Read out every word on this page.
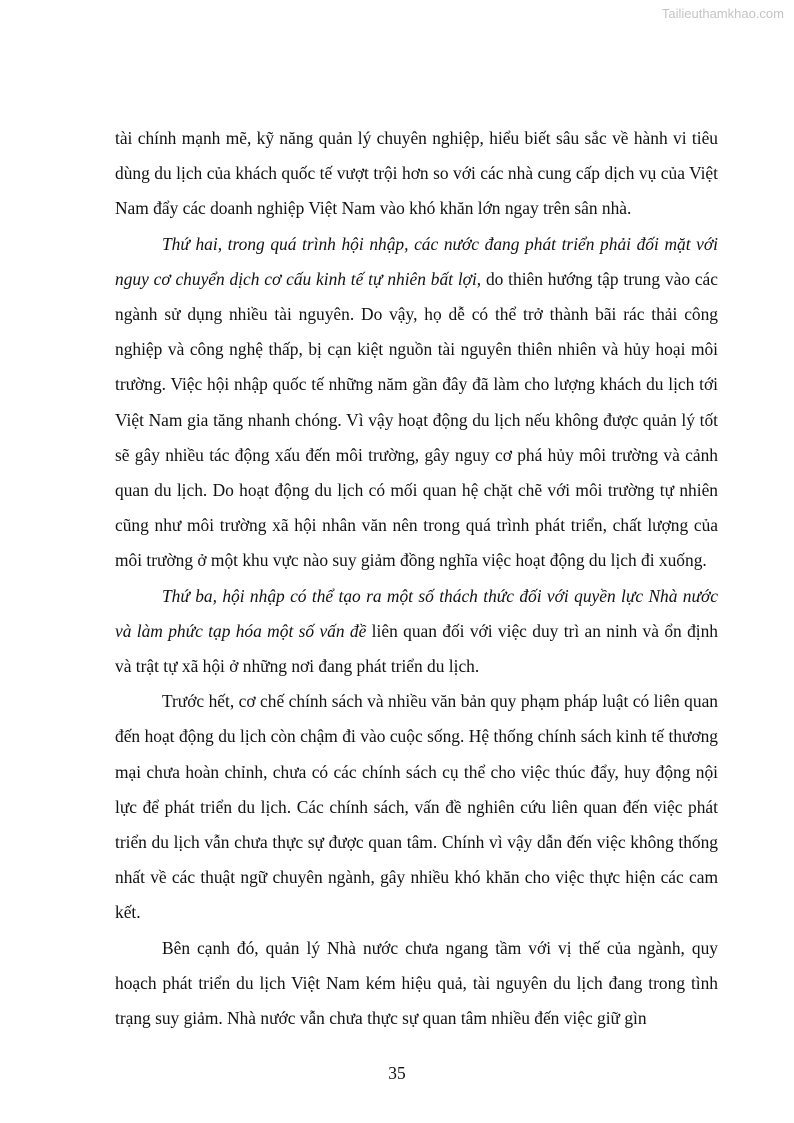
Tailieuthamkhao.com

tài chính mạnh mẽ, kỹ năng quản lý chuyên nghiệp, hiểu biết sâu sắc về hành vi tiêu dùng du lịch của khách quốc tế vượt trội hơn so với các nhà cung cấp dịch vụ của Việt Nam đẩy các doanh nghiệp Việt Nam vào khó khăn lớn ngay trên sân nhà.

Thứ hai, trong quá trình hội nhập, các nước đang phát triển phải đối mặt với nguy cơ chuyển dịch cơ cấu kinh tế tự nhiên bất lợi, do thiên hướng tập trung vào các ngành sử dụng nhiều tài nguyên. Do vậy, họ dễ có thể trở thành bãi rác thải công nghiệp và công nghệ thấp, bị cạn kiệt nguồn tài nguyên thiên nhiên và hủy hoại môi trường. Việc hội nhập quốc tế những năm gần đây đã làm cho lượng khách du lịch tới Việt Nam gia tăng nhanh chóng. Vì vậy hoạt động du lịch nếu không được quản lý tốt sẽ gây nhiều tác động xấu đến môi trường, gây nguy cơ phá hủy môi trường và cảnh quan du lịch. Do hoạt động du lịch có mối quan hệ chặt chẽ với môi trường tự nhiên cũng như môi trường xã hội nhân văn nên trong quá trình phát triển, chất lượng của môi trường ở một khu vực nào suy giảm đồng nghĩa việc hoạt động du lịch đi xuống.

Thứ ba, hội nhập có thể tạo ra một số thách thức đối với quyền lực Nhà nước và làm phức tạp hóa một số vấn đề liên quan đối với việc duy trì an ninh và ổn định và trật tự xã hội ở những nơi đang phát triển du lịch.

Trước hết, cơ chế chính sách và nhiều văn bản quy phạm pháp luật có liên quan đến hoạt động du lịch còn chậm đi vào cuộc sống. Hệ thống chính sách kinh tế thương mại chưa hoàn chỉnh, chưa có các chính sách cụ thể cho việc thúc đẩy, huy động nội lực để phát triển du lịch. Các chính sách, vấn đề nghiên cứu liên quan đến việc phát triển du lịch vẫn chưa thực sự được quan tâm. Chính vì vậy dẫn đến việc không thống nhất về các thuật ngữ chuyên ngành, gây nhiều khó khăn cho việc thực hiện các cam kết.

Bên cạnh đó, quản lý Nhà nước chưa ngang tầm với vị thế của ngành, quy hoạch phát triển du lịch Việt Nam kém hiệu quả, tài nguyên du lịch đang trong tình trạng suy giảm. Nhà nước vẫn chưa thực sự quan tâm nhiều đến việc giữ gìn

35
